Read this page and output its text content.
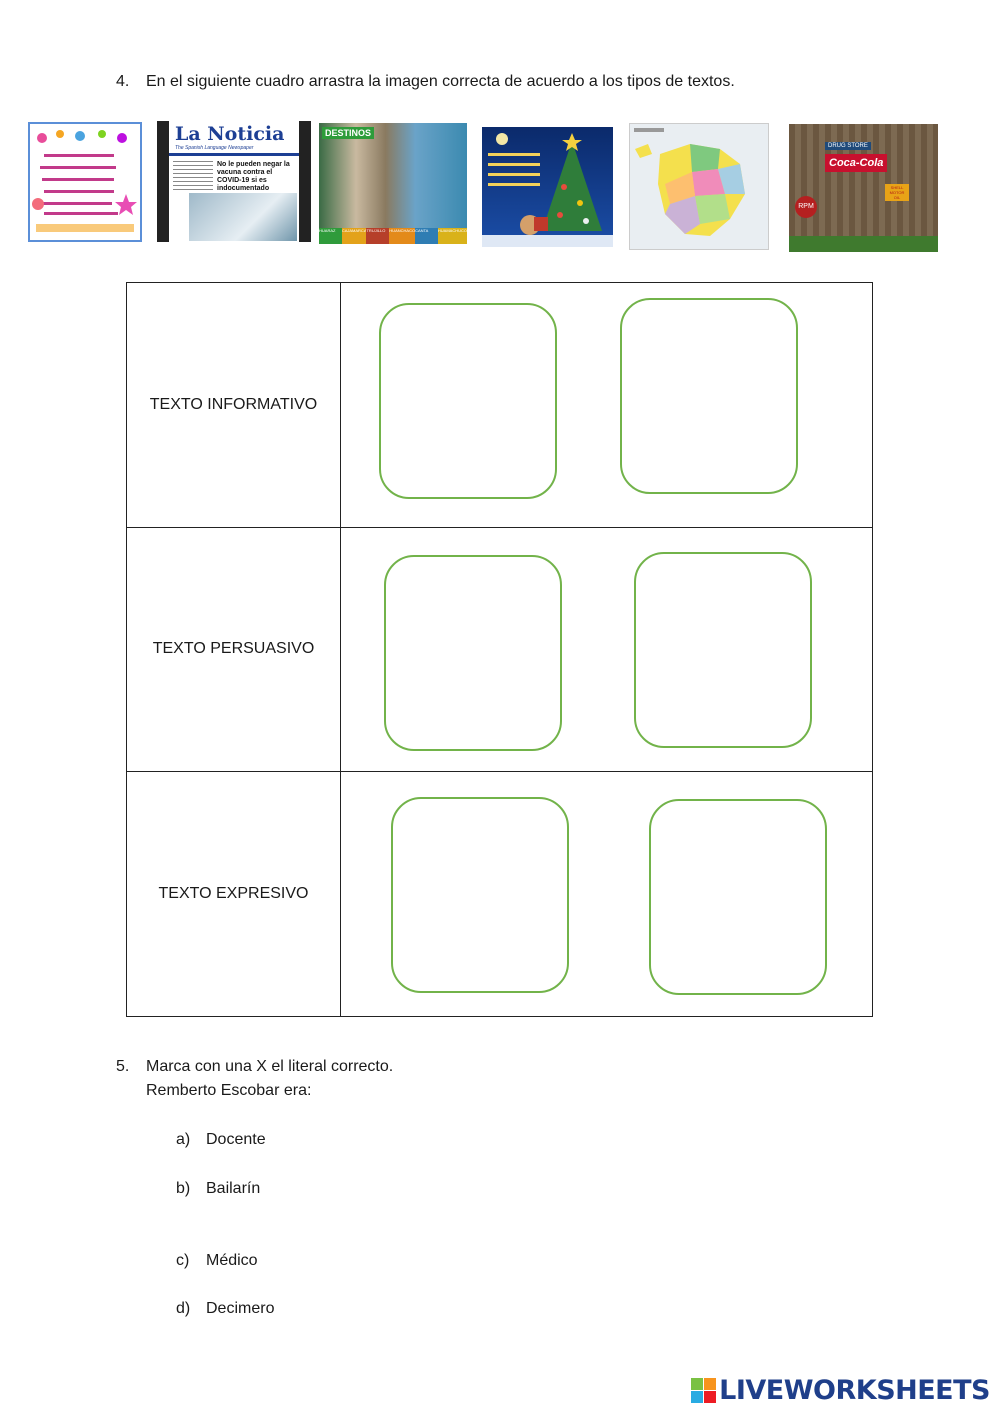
4. En el siguiente cuadro arrastra la imagen correcta de acuerdo a los tipos de textos.
La Noticia
The Spanish Language Newspaper
No le pueden negar la vacuna contra el COVID-19 si es indocumentado
DESTINOS
HUARAZ	CAJAMARCA TRUJILLO HUANCHACO CANTA	HUAMACHUCO
DRUG STORE
Coca-Cola
RPM
SHELL MOTOR OIL
TEXTO INFORMATIVO	
TEXTO PERSUASIVO	
TEXTO EXPRESIVO	
5. Marca con una X el literal correcto.
Remberto Escobar era:
a) Docente
b) Bailarín
c) Médico
d) Decimero
LIVEWORKSHEETS
